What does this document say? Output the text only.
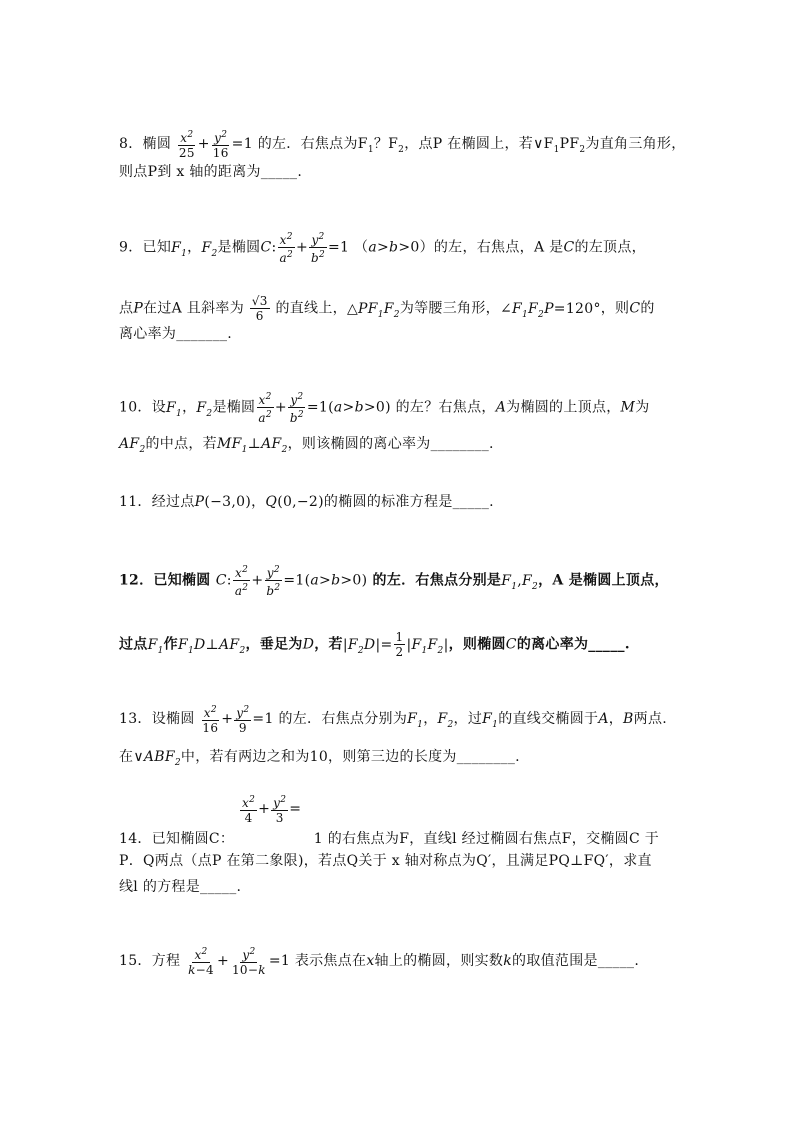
8．椭圆 $\frac{x^2}{25} + \frac{y^2}{16} =1$ 的左．右焦点为$F_1$？$F_2$，点P 在椭圆上，若$\vee F_1PF_2$为直角三角形，
则点P到 x 轴的距离为_____.
9．已知$F_1$，$F_2$是椭圆C: $\frac{x^2}{a^2} + \frac{y^2}{b^2} =1$ （a>b>0）的左，右焦点，A 是C的左顶点，
点P在过A 且斜率为 $\frac{√3}{6}$ 的直线上，$\triangle PF_1F_2$为等腰三角形，$\angle F_1F_2P=120^\circ$，则C的
离心率为_______.
10．设$F_1$，$F_2$是椭圆 $\frac{x^2}{a^2} + \frac{y^2}{b^2} =1(a>b>0)$ 的左？右焦点，A为椭圆的上顶点，M为
$AF_2$的中点，若$MF_1\perp AF_2$，则该椭圆的离心率为________.
11．经过点P(−3,0)，Q(0,−2)的椭圆的标准方程是_____.
12．已知椭圆 C: $\frac{x^2}{a^2} + \frac{y^2}{b^2} =1(a>b>0)$ 的左．右焦点分别是$F_1,F_2$，A 是椭圆上顶点，
过点$F_1$作$F_1D\perp AF_2$，垂足为D，若$|F_2D|= \frac{1}{2} |F_1F_2|$，则椭圆C的离心率为_____.
13．设椭圆 $\frac{x^2}{16} + \frac{y^2}{9} =1$ 的左．右焦点分别为$F_1$，$F_2$，过$F_1$的直线交椭圆于A，B两点.
在$\vee ABF_2$中，若有两边之和为10，则第三边的长度为________.
14．已知椭圆C：
$\frac{x^2}{4} + \frac{y^2}{3}$ =
1 的右焦点为F，直线l 经过椭圆右焦点F，交椭圆C 于
P．Q两点（点P 在第二象限)，若点Q关于 x 轴对称点为Q′，且满足PQ⊥FQ′，求直
线l 的方程是_____.
15．方程 $\frac{x^2}{k-4} + \frac{y^2}{10-k} =1$ 表示焦点在x轴上的椭圆，则实数k的取值范围是_____.
